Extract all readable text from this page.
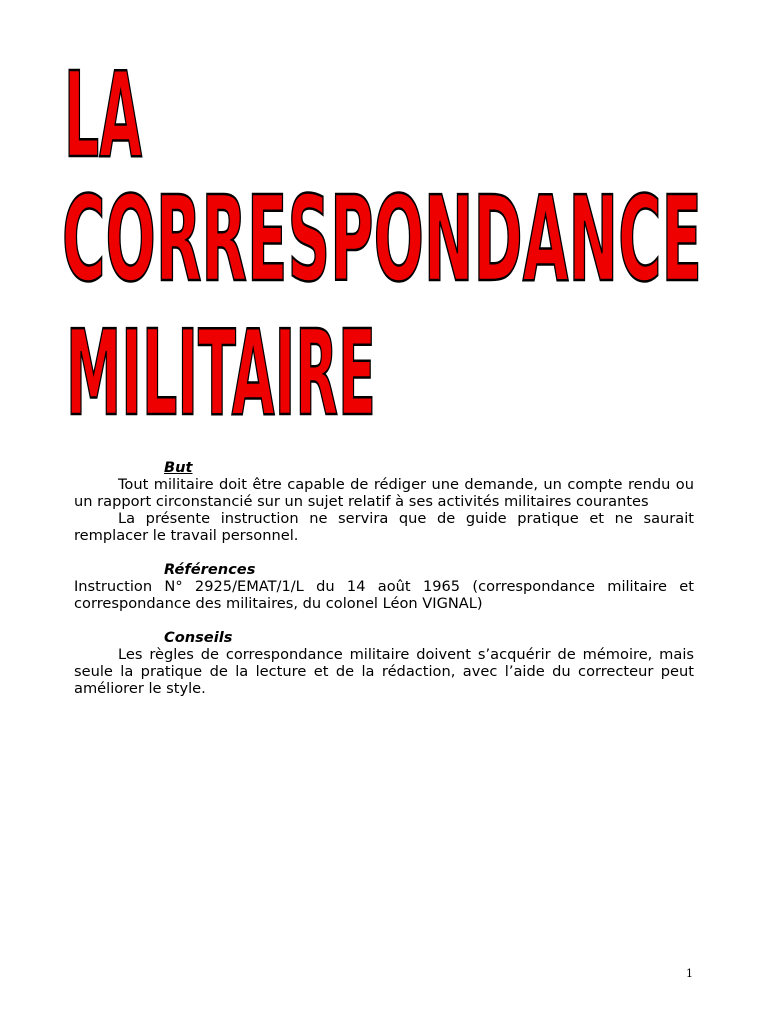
LA
CORRESPONDANCE
MILITAIRE

But

Tout militaire doit être capable de rédiger une demande, un compte rendu ou un rapport circonstancié sur un sujet relatif à ses activités militaires courantes

La présente instruction ne servira que de guide pratique et ne saurait remplacer le travail personnel.

Références

Instruction N° 2925/EMAT/1/L du 14 août 1965 (correspondance militaire et correspondance des militaires, du colonel Léon VIGNAL)

Conseils

Les règles de correspondance militaire doivent s’acquérir de mémoire, mais seule la pratique de la lecture et de la rédaction, avec l’aide du correcteur peut améliorer le style.

1
